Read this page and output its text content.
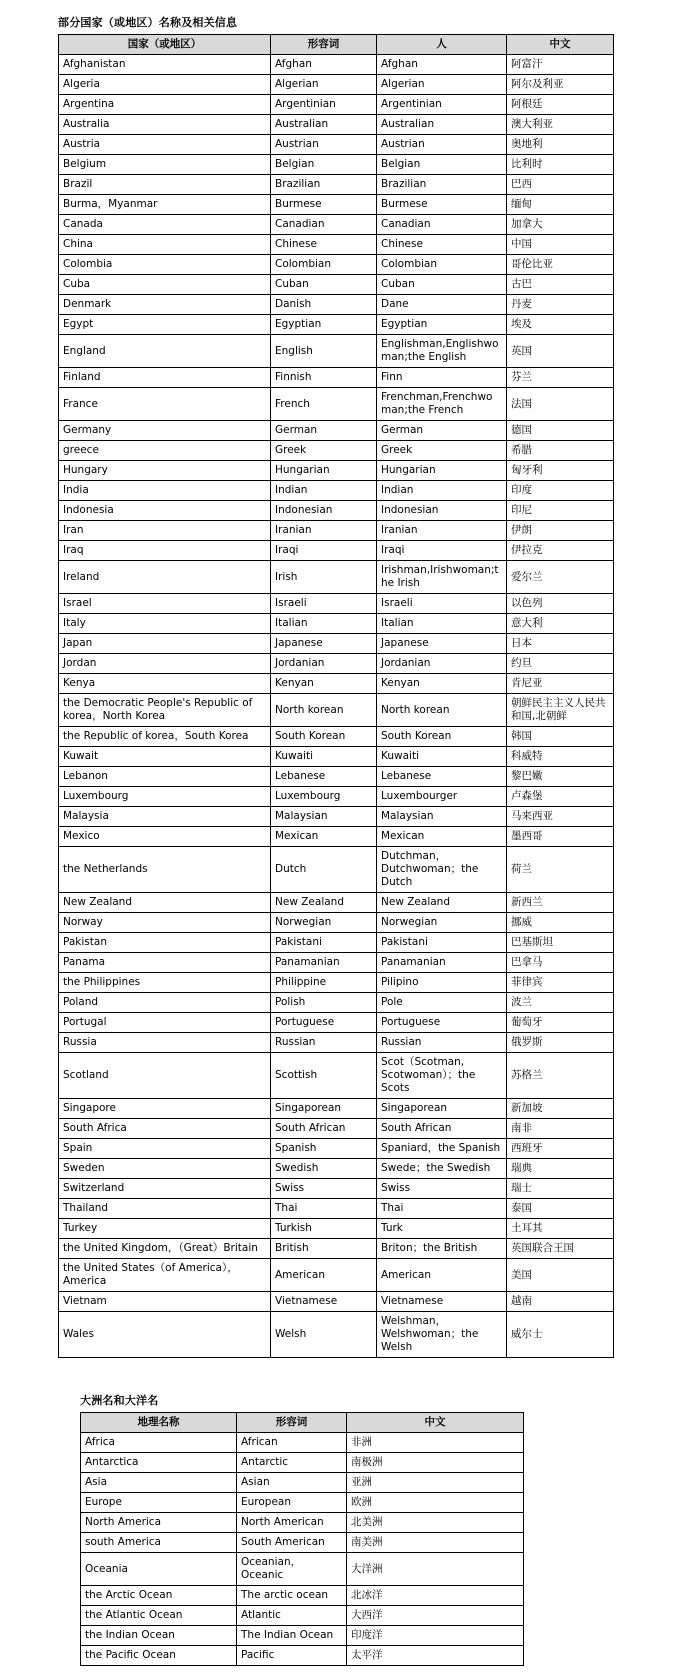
部分国家（或地区）名称及相关信息
国家（或地区）	形容词	人	中文
Afghanistan	Afghan	Afghan	阿富汗
Algeria	Algerian	Algerian	阿尔及利亚
Argentina	Argentinian	Argentinian	阿根廷
Australia	Australian	Australian	澳大利亚
Austria	Austrian	Austrian	奥地利
Belgium	Belgian	Belgian	比利时
Brazil	Brazilian	Brazilian	巴西
Burma，Myanmar	Burmese	Burmese	缅甸
Canada	Canadian	Canadian	加拿大
China	Chinese	Chinese	中国
Colombia	Colombian	Colombian	哥伦比亚
Cuba	Cuban	Cuban	古巴
Denmark	Danish	Dane	丹麦
Egypt	Egyptian	Egyptian	埃及
England	English	Englishman,Englishwoman;the English	英国
Finland	Finnish	Finn	芬兰
France	French	Frenchman,Frenchwoman;the French	法国
Germany	German	German	德国
greece	Greek	Greek	希腊
Hungary	Hungarian	Hungarian	匈牙利
India	Indian	Indian	印度
Indonesia	Indonesian	Indonesian	印尼
Iran	Iranian	Iranian	伊朗
Iraq	Iraqi	Iraqi	伊拉克
Ireland	Irish	Irishman,Irishwoman;the Irish	爱尔兰
Israel	Israeli	Israeli	以色列
Italy	Italian	Italian	意大利
Japan	Japanese	Japanese	日本
Jordan	Jordanian	Jordanian	约旦
Kenya	Kenyan	Kenyan	肯尼亚
the Democratic People's Republic of korea，North Korea	North korean	North korean	朝鲜民主主义人民共和国,北朝鲜
the Republic of korea，South Korea	South Korean	South Korean	韩国
Kuwait	Kuwaiti	Kuwaiti	科威特
Lebanon	Lebanese	Lebanese	黎巴嫩
Luxembourg	Luxembourg	Luxembourger	卢森堡
Malaysia	Malaysian	Malaysian	马来西亚
Mexico	Mexican	Mexican	墨西哥
the Netherlands	Dutch	Dutchman，Dutchwoman；the Dutch	荷兰
New Zealand	New Zealand	New Zealand	新西兰
Norway	Norwegian	Norwegian	挪威
Pakistan	Pakistani	Pakistani	巴基斯坦
Panama	Panamanian	Panamanian	巴拿马
the Philippines	Philippine	Pilipino	菲律宾
Poland	Polish	Pole	波兰
Portugal	Portuguese	Portuguese	葡萄牙
Russia	Russian	Russian	俄罗斯
Scotland	Scottish	Scot（Scotman, Scotwoman）；the Scots	苏格兰
Singapore	Singaporean	Singaporean	新加坡
South Africa	South African	South African	南非
Spain	Spanish	Spaniard，the Spanish	西班牙
Sweden	Swedish	Swede；the Swedish	瑞典
Switzerland	Swiss	Swiss	瑞士
Thailand	Thai	Thai	泰国
Turkey	Turkish	Turk	土耳其
the United Kingdom，（Great）Britain	British	Briton；the British	英国联合王国
the United States（of America），America	American	American	美国
Vietnam	Vietnamese	Vietnamese	越南
Wales	Welsh	Welshman，Welshwoman；the Welsh	威尔士
大洲名和大洋名
地理名称	形容词	中文
Africa	African	非洲
Antarctica	Antarctic	南极洲
Asia	Asian	亚洲
Europe	European	欧洲
North America	North American	北美洲
south America	South American	南美洲
Oceania	Oceanian，Oceanic	大洋洲
the Arctic Ocean	The arctic ocean	北冰洋
the Atlantic Ocean	Atlantic	大西洋
the Indian Ocean	The Indian Ocean	印度洋
the Pacific Ocean	Pacific	太平洋
